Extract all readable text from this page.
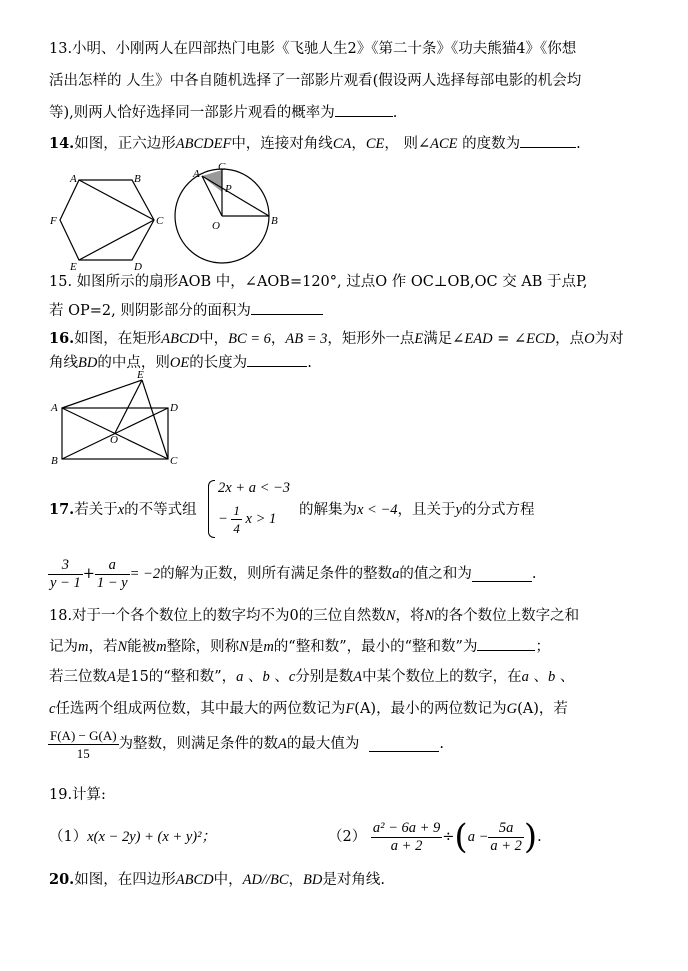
13.小明、小刚两人在四部热门电影《飞驰人生2》《第二十条》《功夫熊猫4》《你想
活出怎样的 人生》中各自随机选择了一部影片观看(假设两人选择每部电影的机会均
等),则两人恰好选择同一部影片观看的概率为	.
14.如图，正六边形ABCDEF中，连接对角线CA，CE， 则∠ACE 的度数为	.
A	B
C
D
E
F
A
C
P
O	B
15. 如图所示的扇形AOB 中，∠AOB=120°, 过点O 作 OC⊥OB,OC 交 AB 于点P,
若 OP=2, 则阴影部分的面积为
16.如图，在矩形ABCD中，BC = 6，AB = 3，矩形外一点E满足∠EAD = ∠ECD，点O为对
角线BD的中点，则OE的长度为	.
E
A	D
O
B	C
17.若关于x的不等式组
2x + a < −3
− $\frac{1}{4}$ x > 1
的解集为x < −4，且关于y的分式方程
$\frac{3}{y - 1} + \frac{a}{1 - y} = -2$的解为正数，则所有满足条件的整数a的值之和为	.
18.对于一个各个数位上的数字均不为0的三位自然数N，将N的各个数位上数字之和
记为m，若N能被m整除，则称N是m的“整和数”，最小的“整和数”为	；
若三位数A是15的“整和数”，a 、b 、c分别是数A中某个数位上的数字，在a 、b 、
c任选两个组成两位数，其中最大的两位数记为F(A)，最小的两位数记为G(A)，若
$\frac{F(A) - G(A)}{15}$ 为整数，则满足条件的数A的最大值为	.
19.计算:
（1）x(x − 2y) + (x + y)²；	$(2) \frac{\text{a² − 6a + 9}}{a + 2} \div(a - \frac{5a}{a + 2}$ ).
20.如图，在四边形ABCD中，AD//BC，BD是对角线.
